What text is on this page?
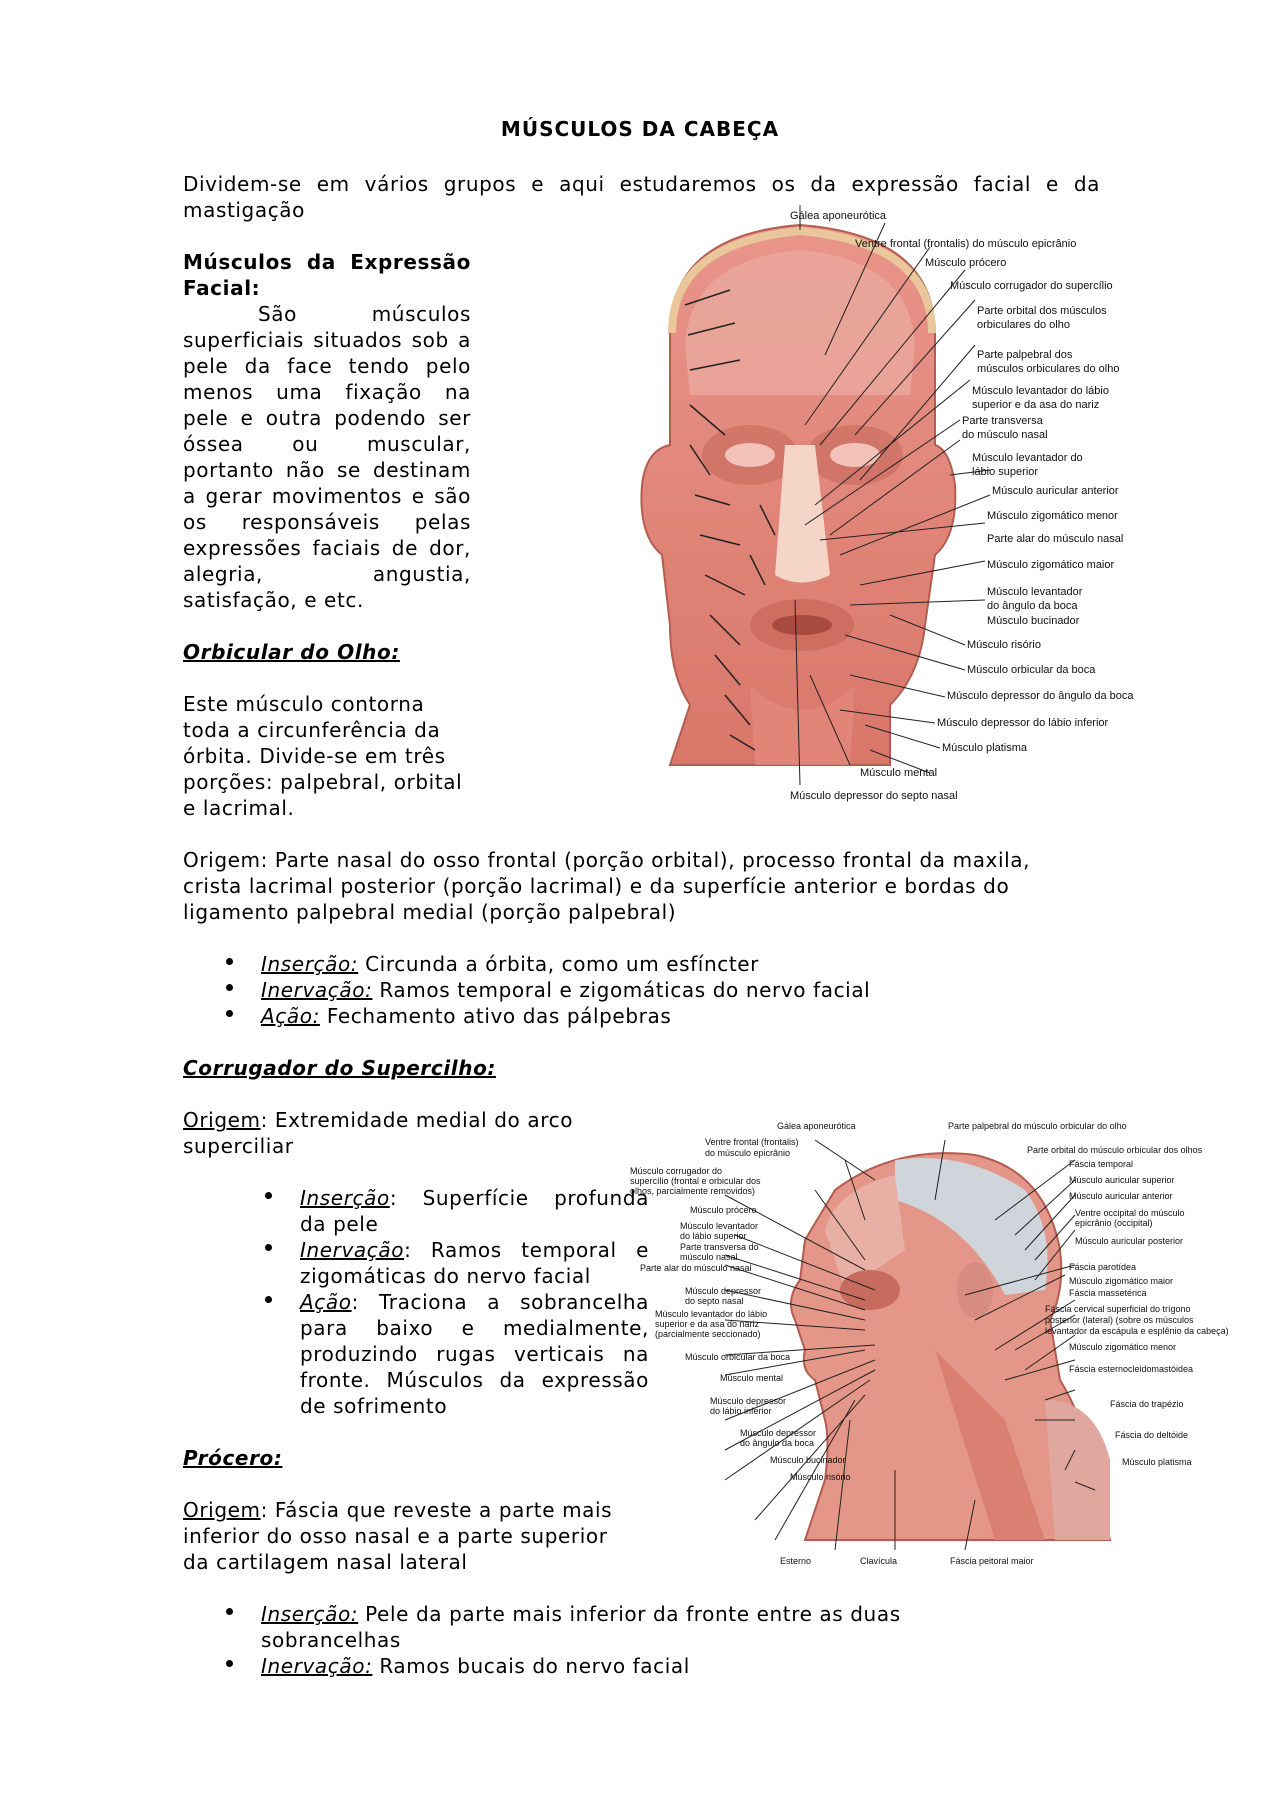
MÚSCULOS DA CABEÇA
Dividem-se em vários grupos e aqui estudaremos os da expressão facial e da
mastigação
Músculos da Expressão
Facial:
São músculos
superficiais situados sob a
pele da face tendo pelo
menos uma fixação na
pele e outra podendo ser
óssea ou muscular,
portanto não se destinam
a gerar movimentos e são
os responsáveis pelas
expressões faciais de dor,
alegria, angustia,
satisfação, e etc.
Orbicular do Olho:
Este músculo contorna
toda a circunferência da
órbita. Divide-se em três
porções: palpebral, orbital
e lacrimal.
Origem: Parte nasal do osso frontal (porção orbital), processo frontal da maxila,
crista lacrimal posterior (porção lacrimal) e da superfície anterior e bordas do
ligamento palpebral medial (porção palpebral)
Inserção: Circunda a órbita, como um esfíncter
Inervação: Ramos temporal e zigomáticas do nervo facial
Ação: Fechamento ativo das pálpebras
Corrugador do Supercilho:
Origem: Extremidade medial do arco
superciliar
Inserção: Superfície profunda
da pele
Inervação: Ramos temporal e
zigomáticas do nervo facial
Ação: Traciona a sobrancelha
para baixo e medialmente,
produzindo rugas verticais na
fronte. Músculos da expressão
de sofrimento
Prócero:
Origem: Fáscia que reveste a parte mais
inferior do osso nasal e a parte superior
da cartilagem nasal lateral
Inserção: Pele da parte mais inferior da fronte entre as duas
sobrancelhas
Inervação: Ramos bucais do nervo facial
Gálea aponeurótica
Ventre frontal (frontalis) do músculo epicrânio
Músculo prócero
Músculo corrugador do supercílio
Parte orbital dos músculos
orbiculares do olho
Parte palpebral dos
músculos orbiculares do olho
Músculo levantador do lábio
superior e da asa do nariz
Parte transversa
do músculo nasal
Músculo levantador do
lábio superior
Músculo auricular anterior
Músculo zigomático menor
Parte alar do músculo nasal
Músculo zigomático maior
Músculo levantador
do ângulo da boca
Músculo bucinador
Músculo risório
Músculo orbicular da boca
Músculo depressor do ângulo da boca
Músculo depressor do lábio inferior
Músculo platisma
Músculo mental
Músculo depressor do septo nasal
Gálea aponeurótica	Parte palpebral do músculo orbicular do olho
Ventre frontal (frontalis)
do músculo epicrânio	Parte orbital do músculo orbicular dos olhos
Fáscia temporal
Músculo corrugador do
supercílio (frontal e orbicular dos
olhos, parcialmente removidos)
Músculo auricular superior
Músculo auricular anterior
Músculo prócero
Músculo levantador
do lábio superior
Ventre occipital do músculo
epicrânio (occipital)
Parte transversa do
músculo nasal
Músculo auricular posterior
Parte alar do músculo nasal	Fáscia parotídea
Músculo zigomático maior
Músculo depressor
do septo nasal
Fáscia massetérica
Músculo levantador do lábio
superior e da asa do nariz
(parcialmente seccionado)
Fáscia cervical superficial do trígono
posterior (lateral) (sobre os músculos
levantador da escápula e esplênio da cabeça)
Músculo zigomático menor
Músculo orbicular da boca
Fáscia esternocleidomastóidea
Músculo mental
Fáscia do trapézio
Músculo depressor
do lábio inferior
Fáscia do deltóide
Músculo depressor
do ângulo da boca
Músculo platisma
Músculo bucinador
Músculo risório
Esterno	Clavícula	Fáscia peitoral maior
